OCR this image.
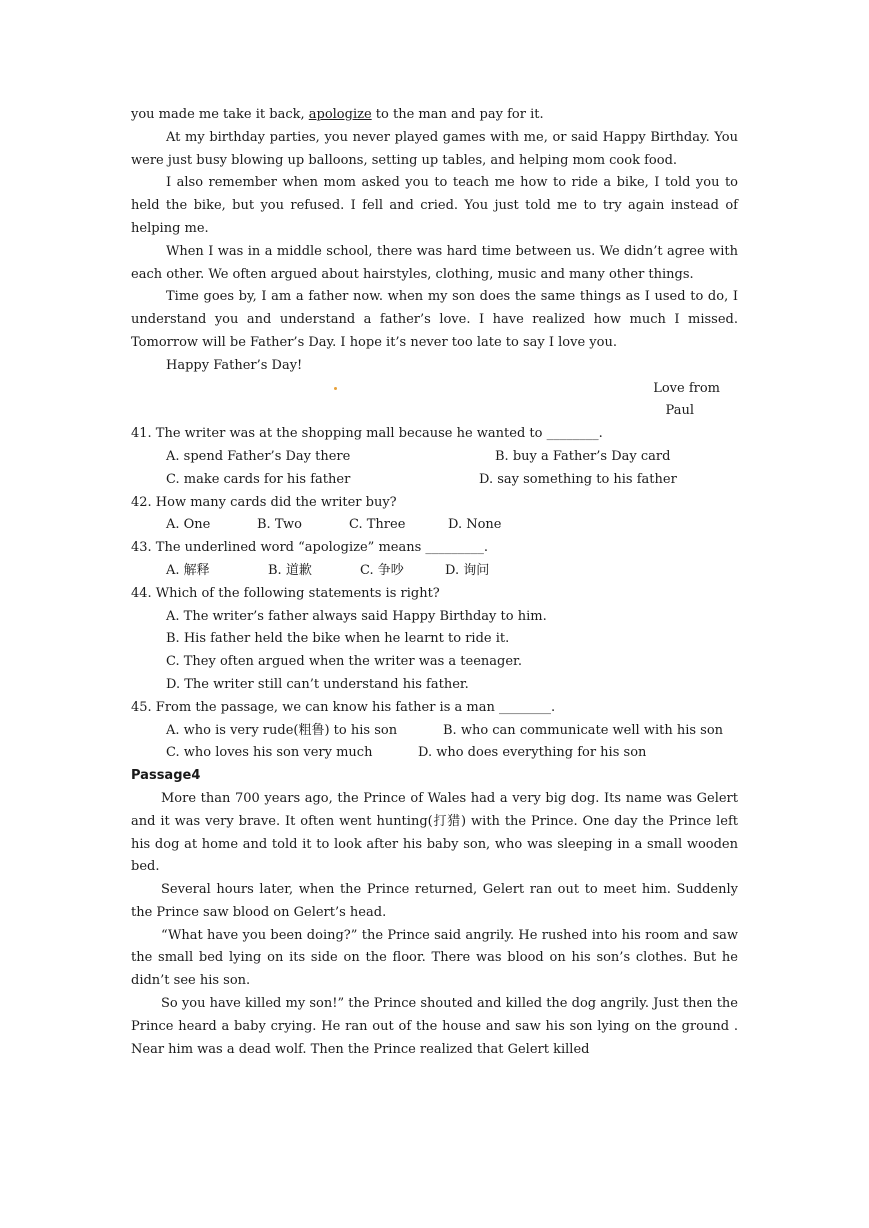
you made me take it back, apologize to the man and pay for it.

At my birthday parties, you never played games with me, or said Happy Birthday. You were just busy blowing up balloons, setting up tables, and helping mom cook food.

I also remember when mom asked you to teach me how to ride a bike, I told you to held the bike, but you refused. I fell and cried. You just told me to try again instead of helping me.

When I was in a middle school, there was hard time between us. We didn’t agree with each other. We often argued about hairstyles, clothing, music and many other things.

Time goes by, I am a father now. when my son does the same things as I used to do, I understand you and understand a father’s love. I have realized how much I missed. Tomorrow will be Father’s Day. I hope it’s never too late to say I love you.

Happy Father’s Day!

Love from
Paul

41. The writer was at the shopping mall because he wanted to ________.

A. spend Father’s Day there	B. buy a Father’s Day card
C. make cards for his father	D. say something to his father

42. How many cards did the writer buy?

A. One	B. Two	C. Three	D. None

43. The underlined word “apologize” means _________.

A. 解释	B. 道歉	C. 争吵	D. 询问

44. Which of the following statements is right?

A. The writer’s father always said Happy Birthday to him.
B. His father held the bike when he learnt to ride it.
C. They often argued when the writer was a teenager.
D. The writer still can’t understand his father.

45. From the passage, we can know his father is a man ________.

A. who is very rude(粗鲁) to his son	B. who can communicate well with his son
C. who loves his son very much	D. who does everything for his son

Passage4

More than 700 years ago, the Prince of Wales had a very big dog. Its name was Gelert and it was very brave. It often went hunting(打猎) with the Prince. One day the Prince left his dog at home and told it to look after his baby son, who was sleeping in a small wooden bed.

Several hours later, when the Prince returned, Gelert ran out to meet him. Suddenly the Prince saw blood on Gelert’s head.

“What have you been doing?” the Prince said angrily. He rushed into his room and saw the small bed lying on its side on the floor. There was blood on his son’s clothes. But he didn’t see his son.

So you have killed my son!” the Prince shouted and killed the dog angrily. Just then the Prince heard a baby crying. He ran out of the house and saw his son lying on the ground . Near him was a dead wolf. Then the Prince realized that Gelert killed
